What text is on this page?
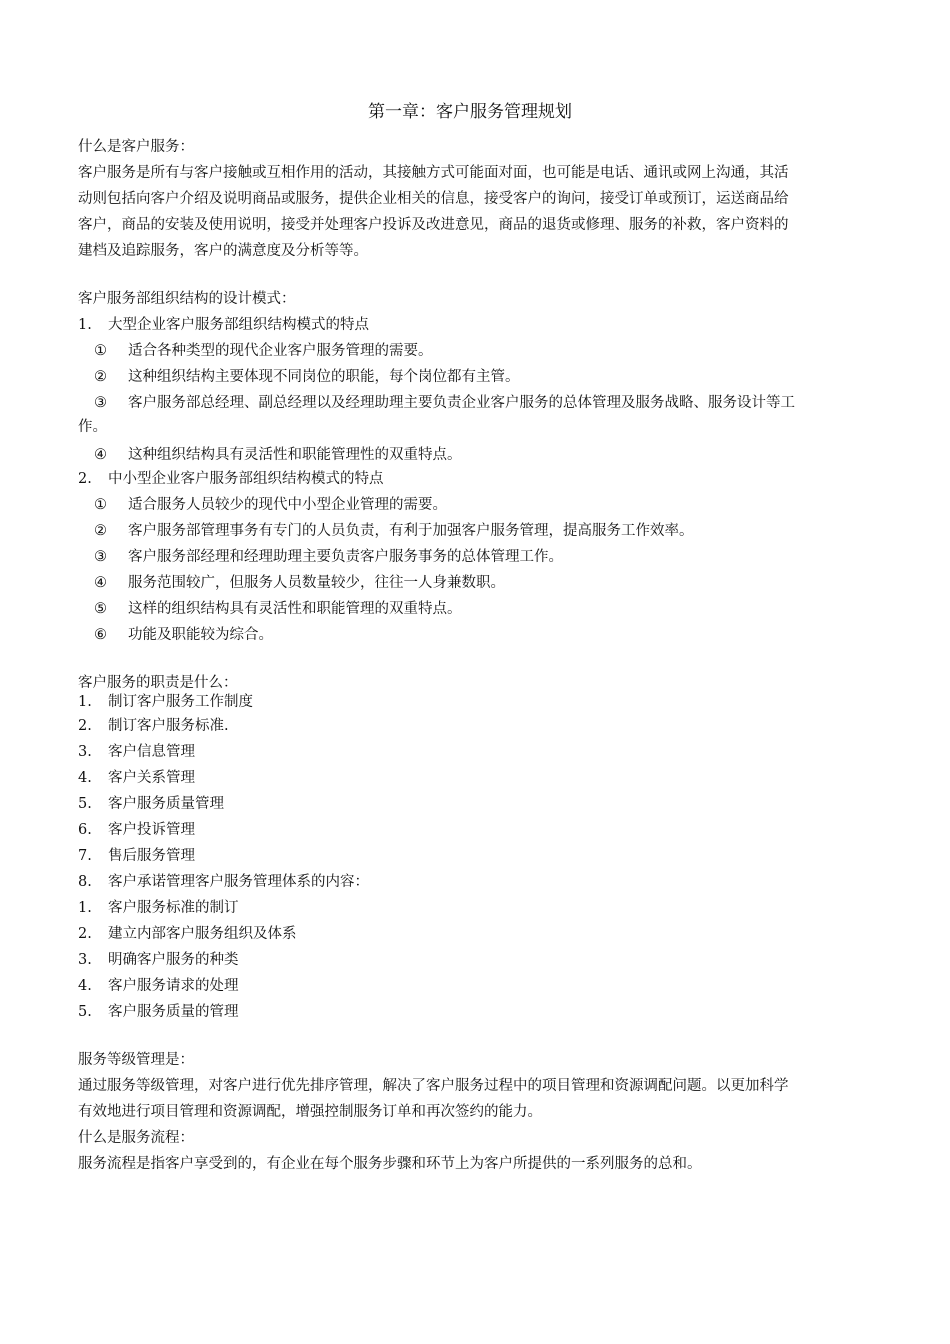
第一章：客户服务管理规划
什么是客户服务：
客户服务是所有与客户接触或互相作用的活动，其接触方式可能面对面，也可能是电话、通讯或网上沟通，其活
动则包括向客户介绍及说明商品或服务，提供企业相关的信息，接受客户的询问，接受订单或预订，运送商品给
客户，商品的安装及使用说明，接受并处理客户投诉及改进意见，商品的退货或修理、服务的补救，客户资料的
建档及追踪服务，客户的满意度及分析等等。
客户服务部组织结构的设计模式：
1. 大型企业客户服务部组织结构模式的特点
① 适合各种类型的现代企业客户服务管理的需要。
② 这种组织结构主要体现不同岗位的职能，每个岗位都有主管。
③ 客户服务部总经理、副总经理以及经理助理主要负责企业客户服务的总体管理及服务战略、服务设计等工
作。
④ 这种组织结构具有灵活性和职能管理性的双重特点。
2. 中小型企业客户服务部组织结构模式的特点
① 适合服务人员较少的现代中小型企业管理的需要。
② 客户服务部管理事务有专门的人员负责，有利于加强客户服务管理，提高服务工作效率。
③ 客户服务部经理和经理助理主要负责客户服务事务的总体管理工作。
④ 服务范围较广，但服务人员数量较少，往往一人身兼数职。
⑤ 这样的组织结构具有灵活性和职能管理的双重特点。
⑥ 功能及职能较为综合。
客户服务的职责是什么：
1. 制订客户服务工作制度
2. 制订客户服务标准.
3. 客户信息管理
4. 客户关系管理
5. 客户服务质量管理
6. 客户投诉管理
7. 售后服务管理
8. 客户承诺管理客户服务管理体系的内容：
1. 客户服务标准的制订
2. 建立内部客户服务组织及体系
3. 明确客户服务的种类
4. 客户服务请求的处理
5. 客户服务质量的管理
服务等级管理是：
通过服务等级管理，对客户进行优先排序管理，解决了客户服务过程中的项目管理和资源调配问题。以更加科学
有效地进行项目管理和资源调配，增强控制服务订单和再次签约的能力。
什么是服务流程：
服务流程是指客户享受到的，有企业在每个服务步骤和环节上为客户所提供的一系列服务的总和。
